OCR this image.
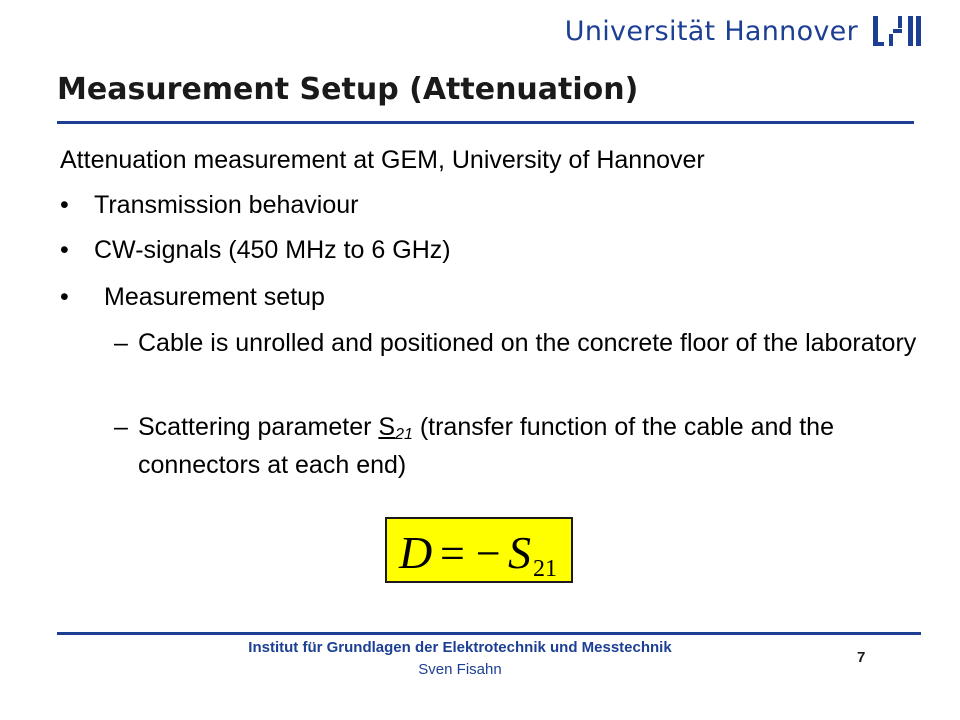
Universität Hannover
Measurement Setup (Attenuation)
Attenuation measurement at GEM, University of Hannover
• Transmission behaviour
• CW-signals (450 MHz to 6 GHz)
• Measurement setup
– Cable is unrolled and positioned on the concrete floor of the laboratory
– Scattering parameter $S_{21}$ (transfer function of the cable and the connectors at each end)
D = − S 21
Institut für Grundlagen der Elektrotechnik und Messtechnik
Sven Fisahn
7
